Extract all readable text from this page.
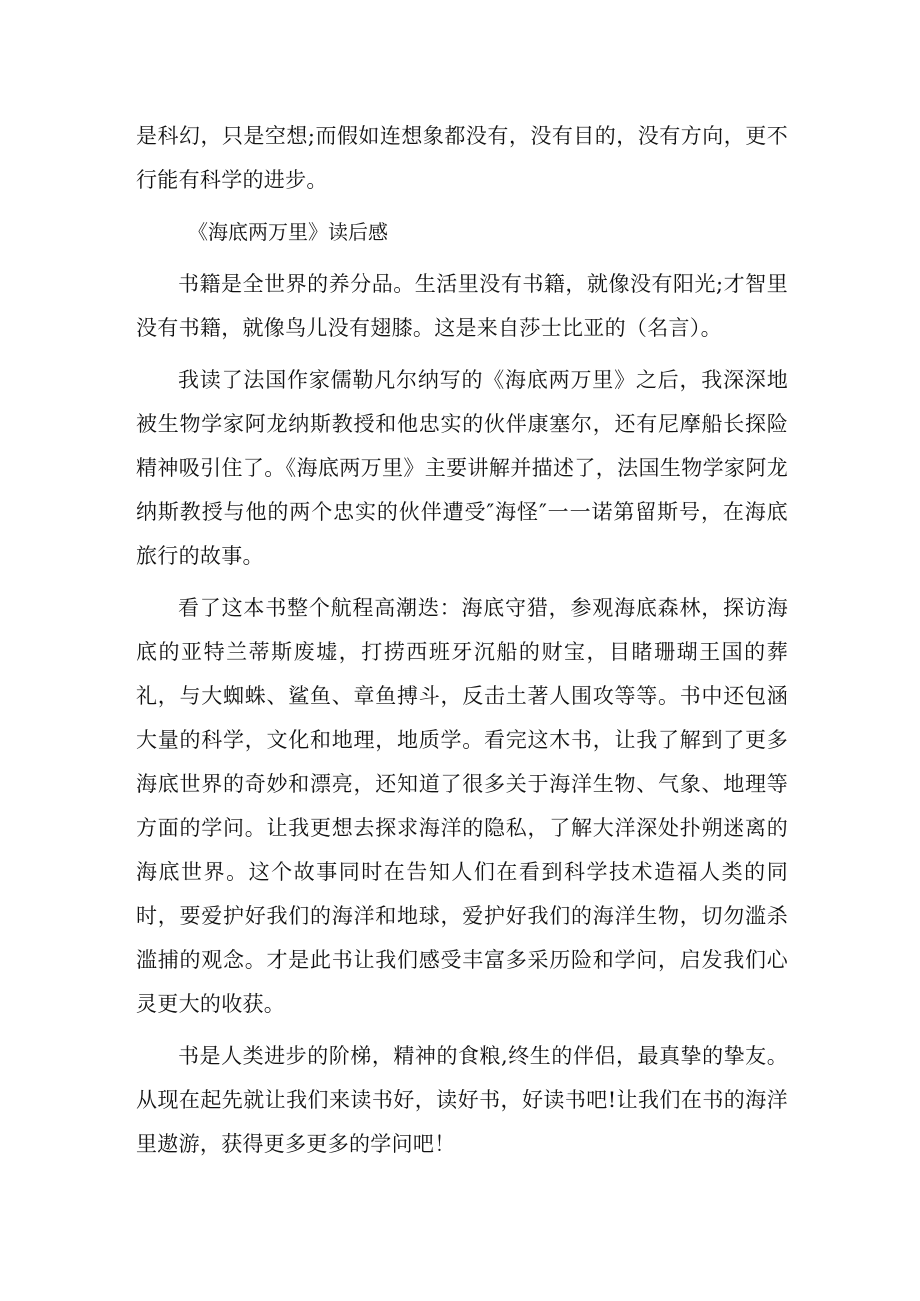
是科幻，只是空想;而假如连想象都没有，没有目的，没有方向，更不行能有科学的进步。

《海底两万里》读后感

书籍是全世界的养分品。生活里没有书籍，就像没有阳光;才智里没有书籍，就像鸟儿没有翅膝。这是来自莎士比亚的（名言）。

我读了法国作家儒勒凡尔纳写的《海底两万里》之后，我深深地被生物学家阿龙纳斯教授和他忠实的伙伴康塞尔，还有尼摩船长探险精神吸引住了。《海底两万里》主要讲解并描述了，法国生物学家阿龙纳斯教授与他的两个忠实的伙伴遭受″海怪″一一诺第留斯号，在海底旅行的故事。

看了这本书整个航程高潮迭：海底守猎，参观海底森林，探访海底的亚特兰蒂斯废墟，打捞西班牙沉船的财宝，目睹珊瑚王国的葬礼，与大蜘蛛、鲨鱼、章鱼搏斗，反击土著人围攻等等。书中还包涵大量的科学，文化和地理，地质学。看完这木书，让我了解到了更多海底世界的奇妙和漂亮，还知道了很多关于海洋生物、气象、地理等方面的学问。让我更想去探求海洋的隐私，了解大洋深处扑朔迷离的海底世界。这个故事同时在告知人们在看到科学技术造福人类的同时，要爱护好我们的海洋和地球，爱护好我们的海洋生物，切勿滥杀滥捕的观念。才是此书让我们感受丰富多采历险和学问，启发我们心灵更大的收获。

书是人类进步的阶梯，精神的食粮,终生的伴侣，最真挚的挚友。从现在起先就让我们来读书好，读好书，好读书吧!让我们在书的海洋里遨游，获得更多更多的学问吧！
